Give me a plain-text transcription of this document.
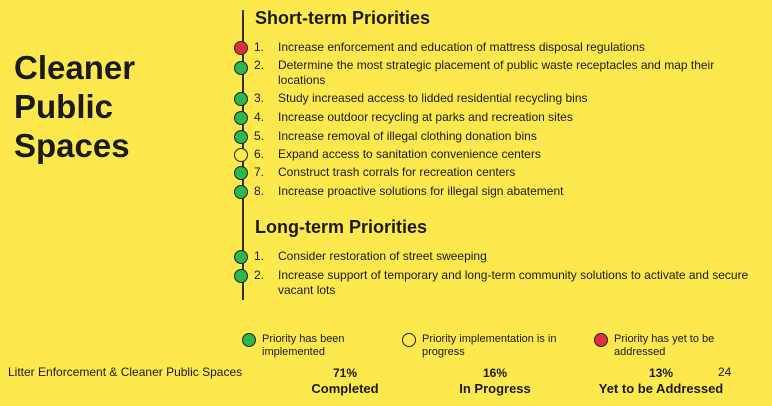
Cleaner Public Spaces
Short-term Priorities
1.	Increase enforcement and education of mattress disposal regulations
2.	Determine the most strategic placement of public waste receptacles and map their locations
3.	Study increased access to lidded residential recycling bins
4.	Increase outdoor recycling at parks and recreation sites
5.	Increase removal of illegal clothing donation bins
6.	Expand access to sanitation convenience centers
7.	Construct trash corrals for recreation centers
8.	Increase proactive solutions for illegal sign abatement
Long-term Priorities
1.	Consider restoration of street sweeping
2.	Increase support of temporary and long-term community solutions to activate and secure vacant lots
Priority has been implemented
Priority implementation is in progress
Priority has yet to be addressed
Litter Enforcement & Cleaner Public Spaces	71%
Completed
16%
In Progress
13%
Yet to be Addressed
24
